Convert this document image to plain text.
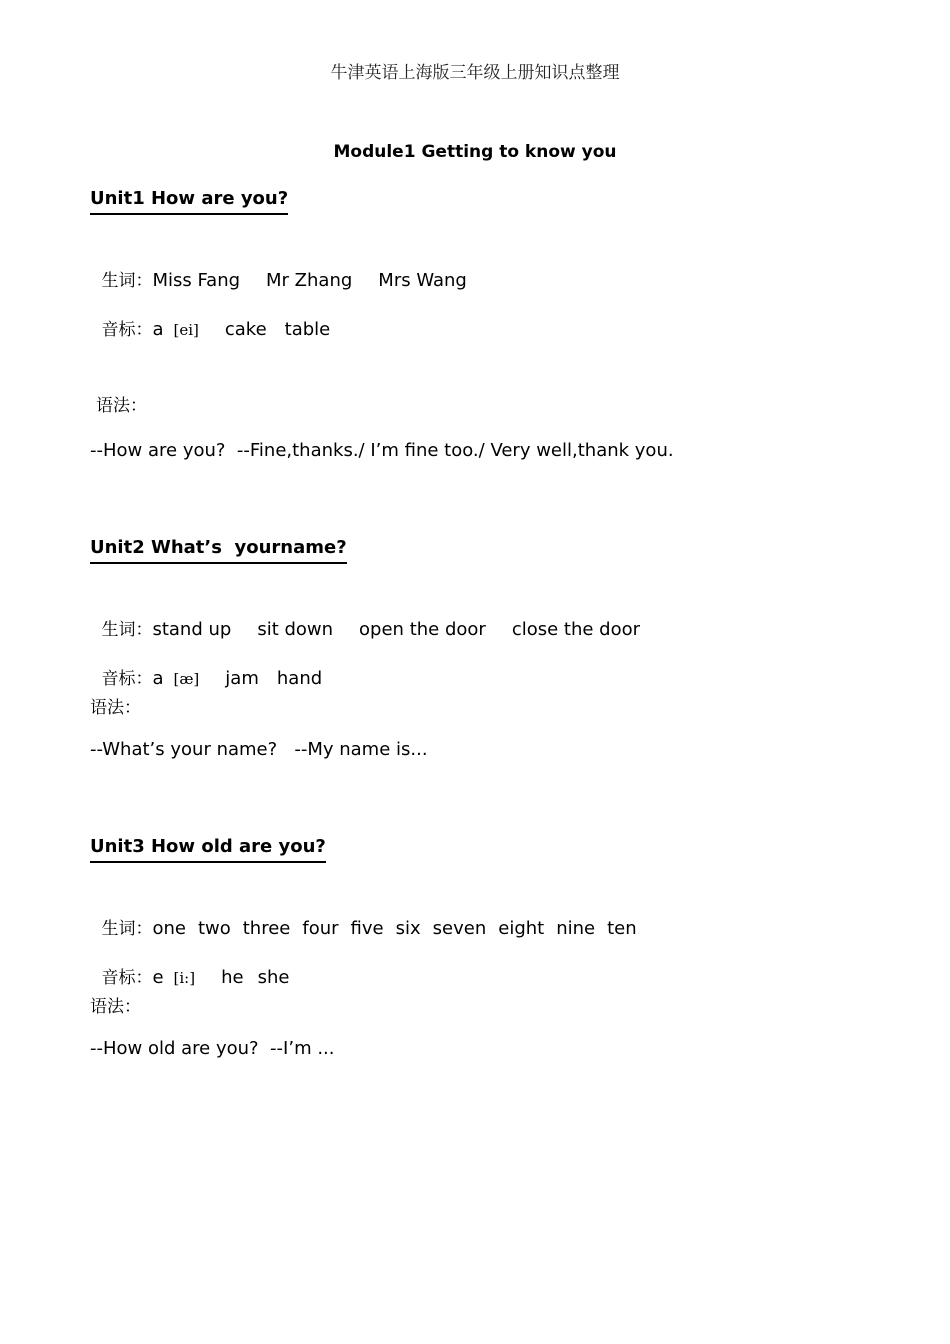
牛津英语上海版三年级上册知识点整理
Module1 Getting to know you
Unit1 How are you?

生词：Miss Fang Mr Zhang Mrs Wang

音标：a [ei] cake table

语法：
--How are you?  --Fine,thanks./ I’m fine too./ Very well,thank you.
Unit2 What’s  yourname?

生词：stand up sit down open the door close the door

音标：a [æ] jam hand

语法：
--What’s your name?   --My name is...
Unit3 How old are you?

生词：one two three four five six seven eight nine ten

音标：e [i:] he she

语法：
--How old are you?  --I’m ...
